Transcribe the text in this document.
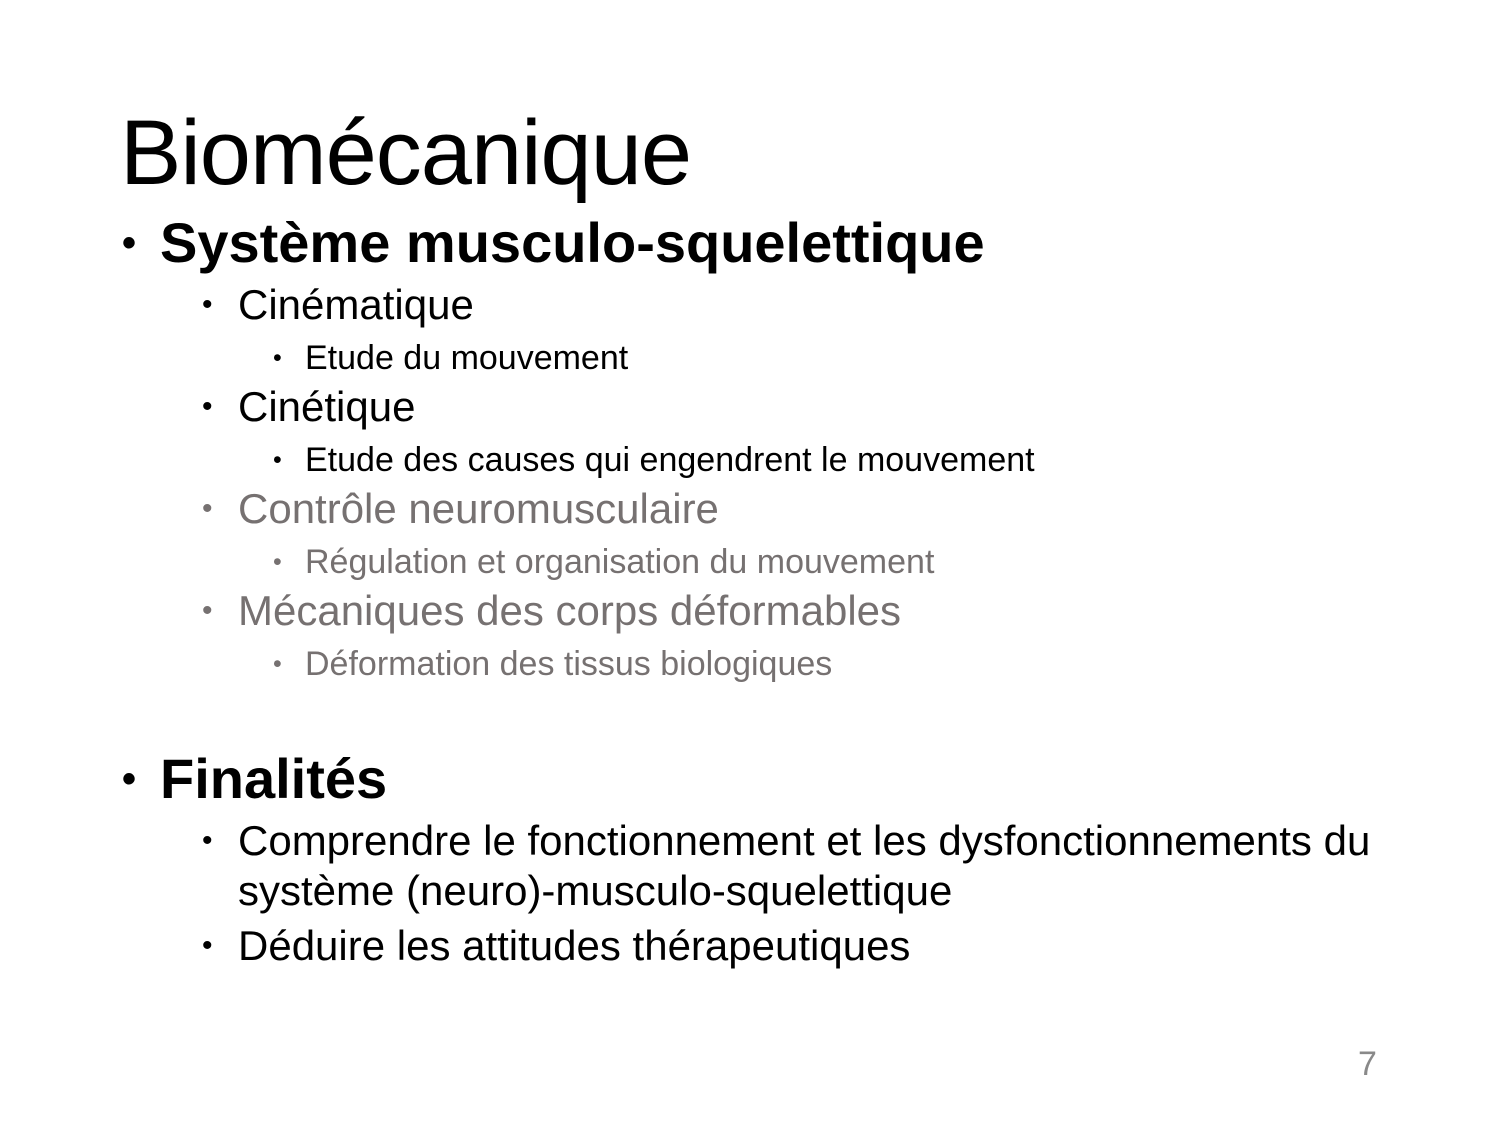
Biomécanique
• Système musculo-squelettique
• Cinématique
• Etude du mouvement
• Cinétique
• Etude des causes qui engendrent le mouvement
• Contrôle neuromusculaire
• Régulation et organisation du mouvement
• Mécaniques des corps déformables
• Déformation des tissus biologiques
• Finalités
• Comprendre le fonctionnement et les dysfonctionnements du système (neuro)-musculo-squelettique
• Déduire les attitudes thérapeutiques
7
